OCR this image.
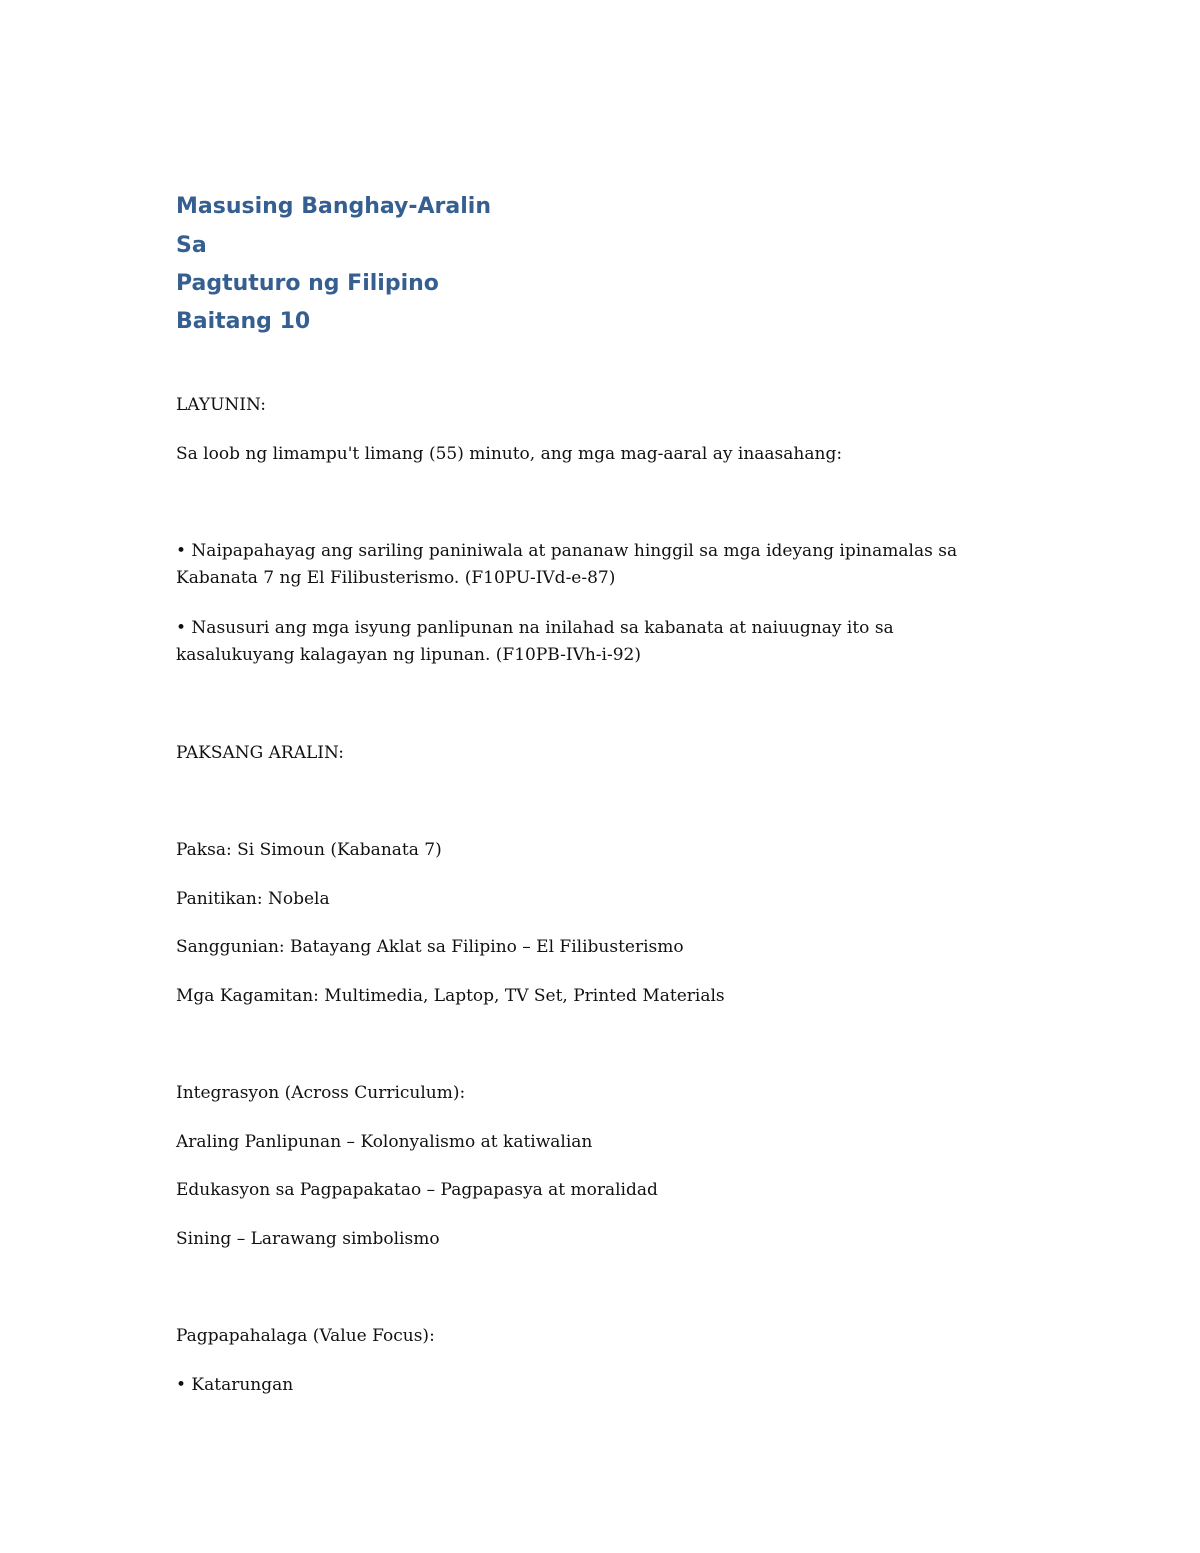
Masusing Banghay-Aralin
Sa
Pagtuturo ng Filipino
Baitang 10
LAYUNIN:
Sa loob ng limampu't limang (55) minuto, ang mga mag-aaral ay inaasahang:
• Naipapahayag ang sariling paniniwala at pananaw hinggil sa mga ideyang ipinamalas sa
Kabanata 7 ng El Filibusterismo. (F10PU-IVd-e-87)
• Nasusuri ang mga isyung panlipunan na inilahad sa kabanata at naiuugnay ito sa
kasalukuyang kalagayan ng lipunan. (F10PB-IVh-i-92)
PAKSANG ARALIN:
Paksa: Si Simoun (Kabanata 7)
Panitikan: Nobela
Sanggunian: Batayang Aklat sa Filipino – El Filibusterismo
Mga Kagamitan: Multimedia, Laptop, TV Set, Printed Materials
Integrasyon (Across Curriculum):
Araling Panlipunan – Kolonyalismo at katiwalian
Edukasyon sa Pagpapakatao – Pagpapasya at moralidad
Sining – Larawang simbolismo
Pagpapahalaga (Value Focus):
• Katarungan
